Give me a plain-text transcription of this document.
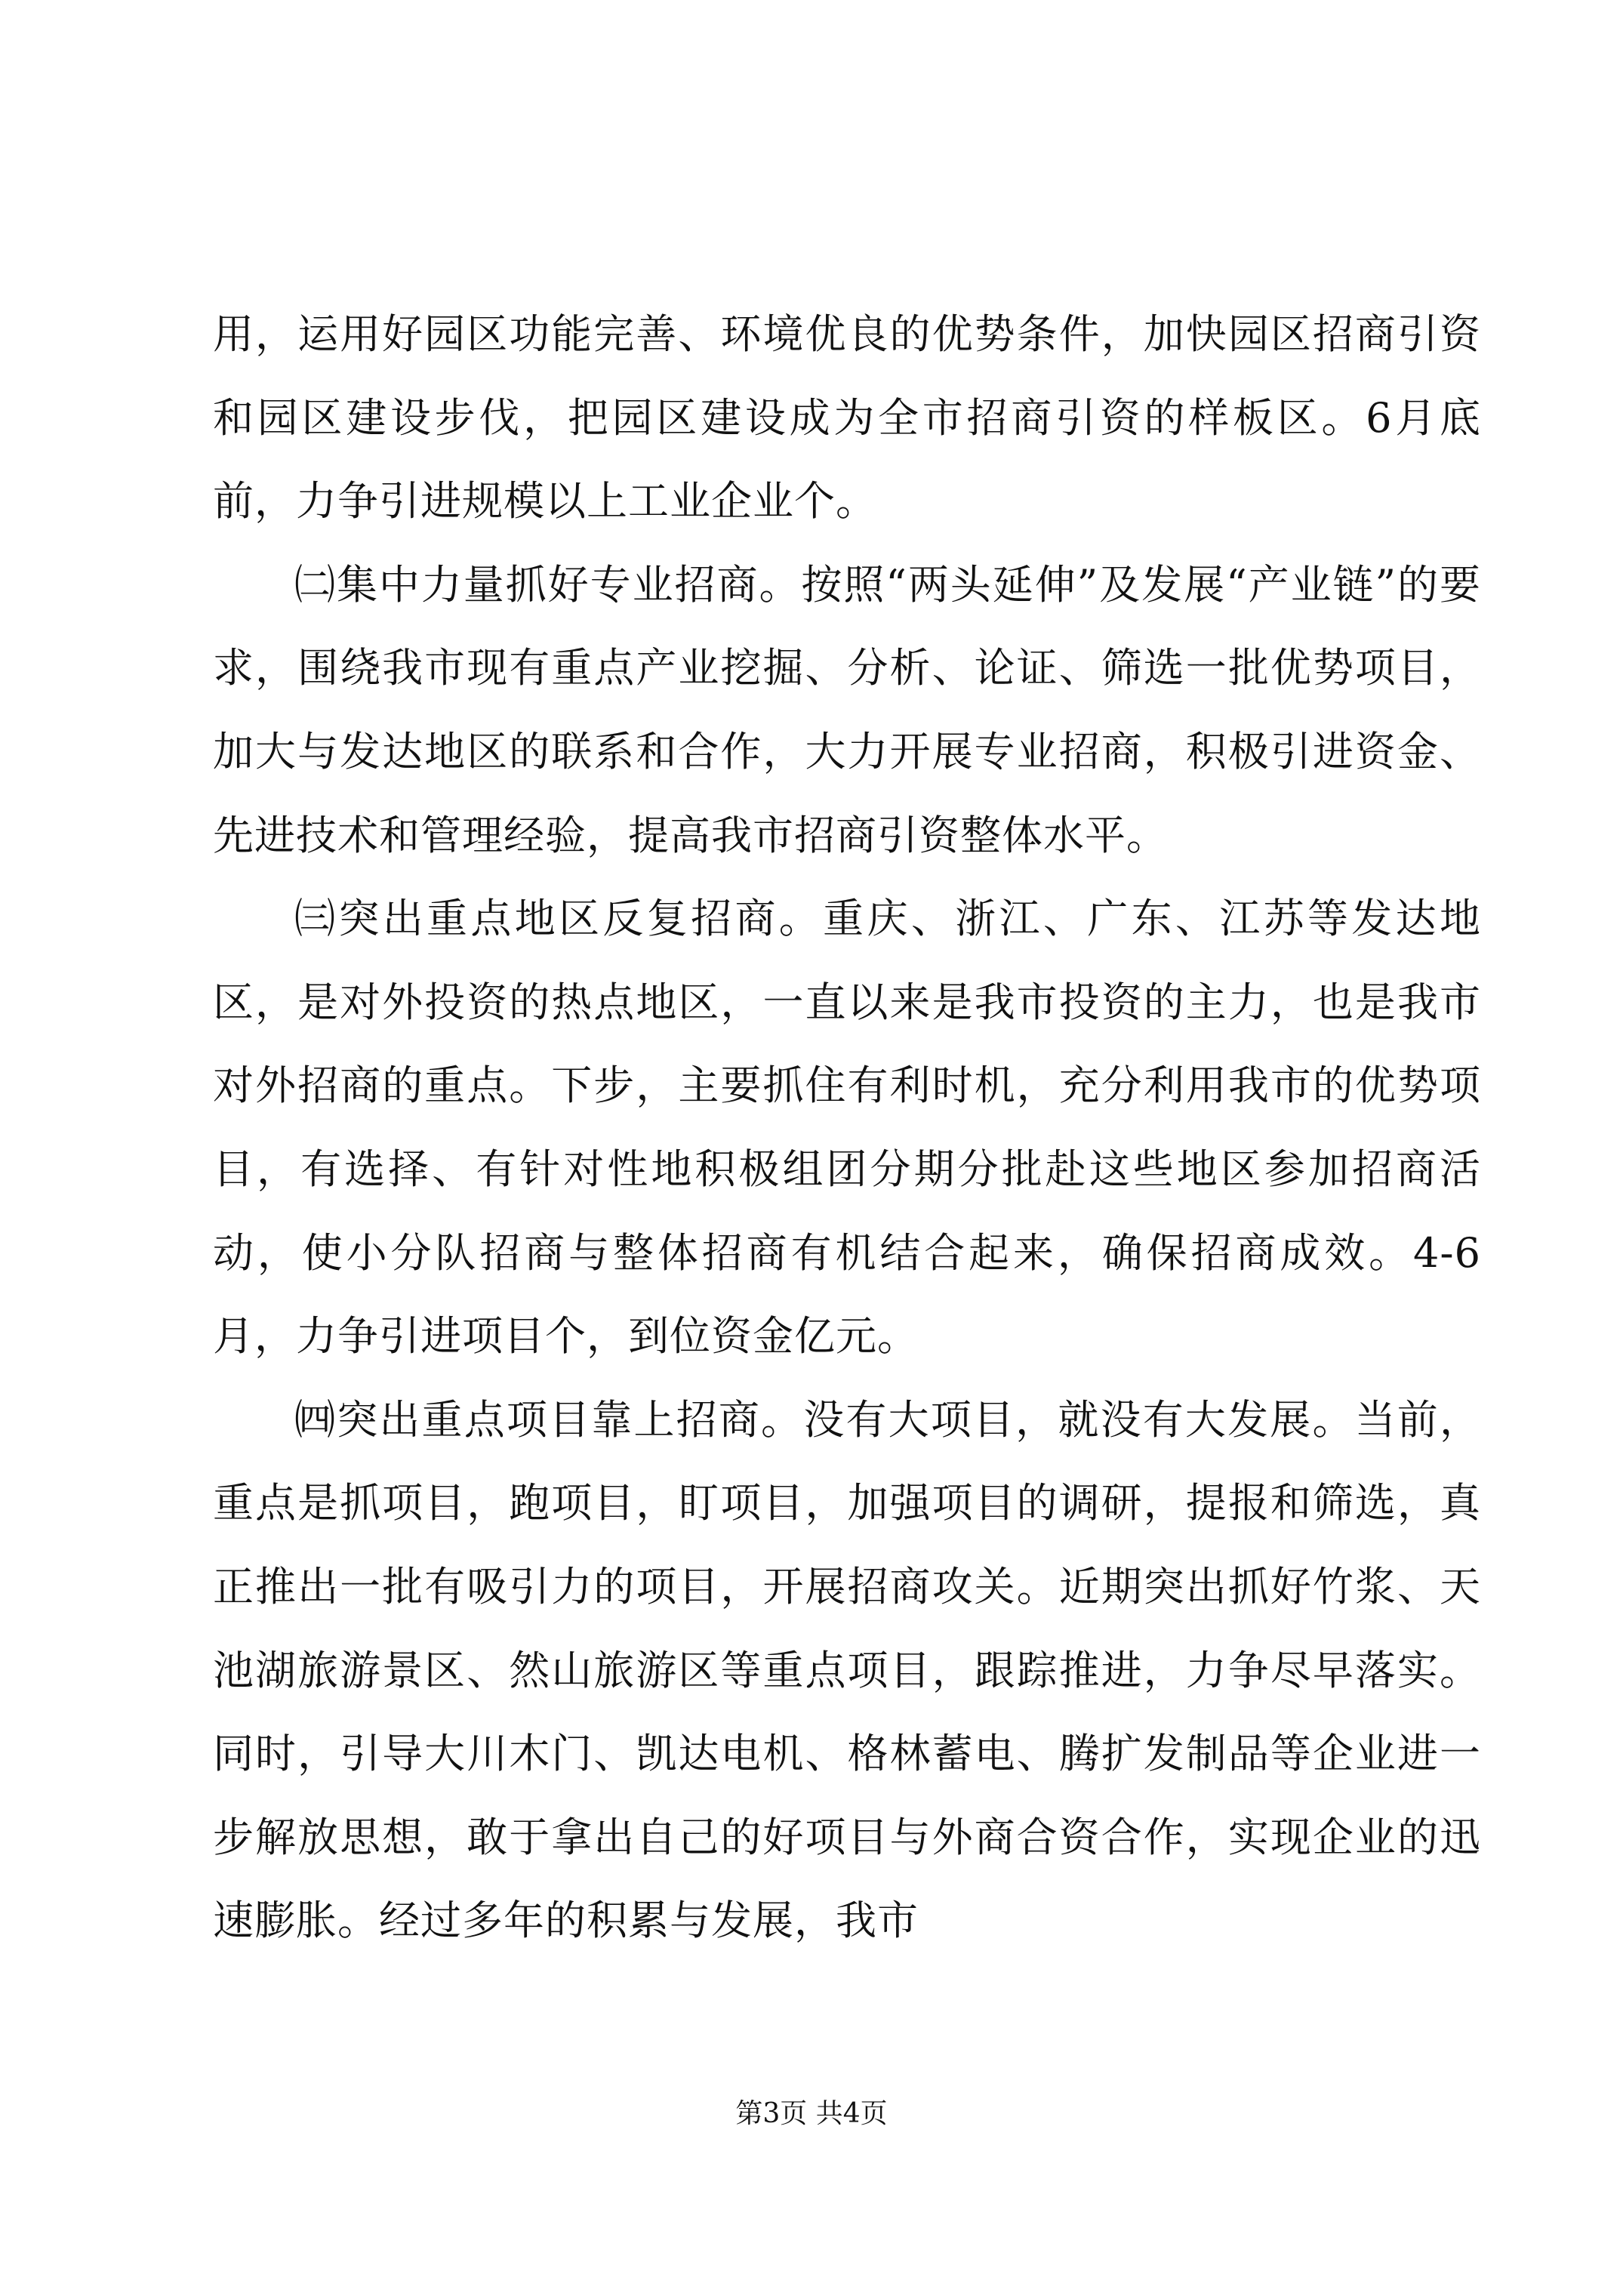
用，运用好园区功能完善、环境优良的优势条件，加快园区招商引资和园区建设步伐，把园区建设成为全市招商引资的样板区。6月底前，力争引进规模以上工业企业个。

㈡集中力量抓好专业招商。按照“两头延伸”及发展“产业链”的要求，围绕我市现有重点产业挖掘、分析、论证、筛选一批优势项目，加大与发达地区的联系和合作，大力开展专业招商，积极引进资金、先进技术和管理经验，提高我市招商引资整体水平。

㈢突出重点地区反复招商。重庆、浙江、广东、江苏等发达地区，是对外投资的热点地区，一直以来是我市投资的主力，也是我市对外招商的重点。下步，主要抓住有利时机，充分利用我市的优势项目，有选择、有针对性地积极组团分期分批赴这些地区参加招商活动，使小分队招商与整体招商有机结合起来，确保招商成效。4-6月，力争引进项目个，到位资金亿元。

㈣突出重点项目靠上招商。没有大项目，就没有大发展。当前，重点是抓项目，跑项目，盯项目，加强项目的调研，提报和筛选，真正推出一批有吸引力的项目，开展招商攻关。近期突出抓好竹浆、天池湖旅游景区、然山旅游区等重点项目，跟踪推进，力争尽早落实。同时，引导大川木门、凯达电机、格林蓄电、腾扩发制品等企业进一步解放思想，敢于拿出自己的好项目与外商合资合作，实现企业的迅速膨胀。经过多年的积累与发展，我市

第3页 共4页
